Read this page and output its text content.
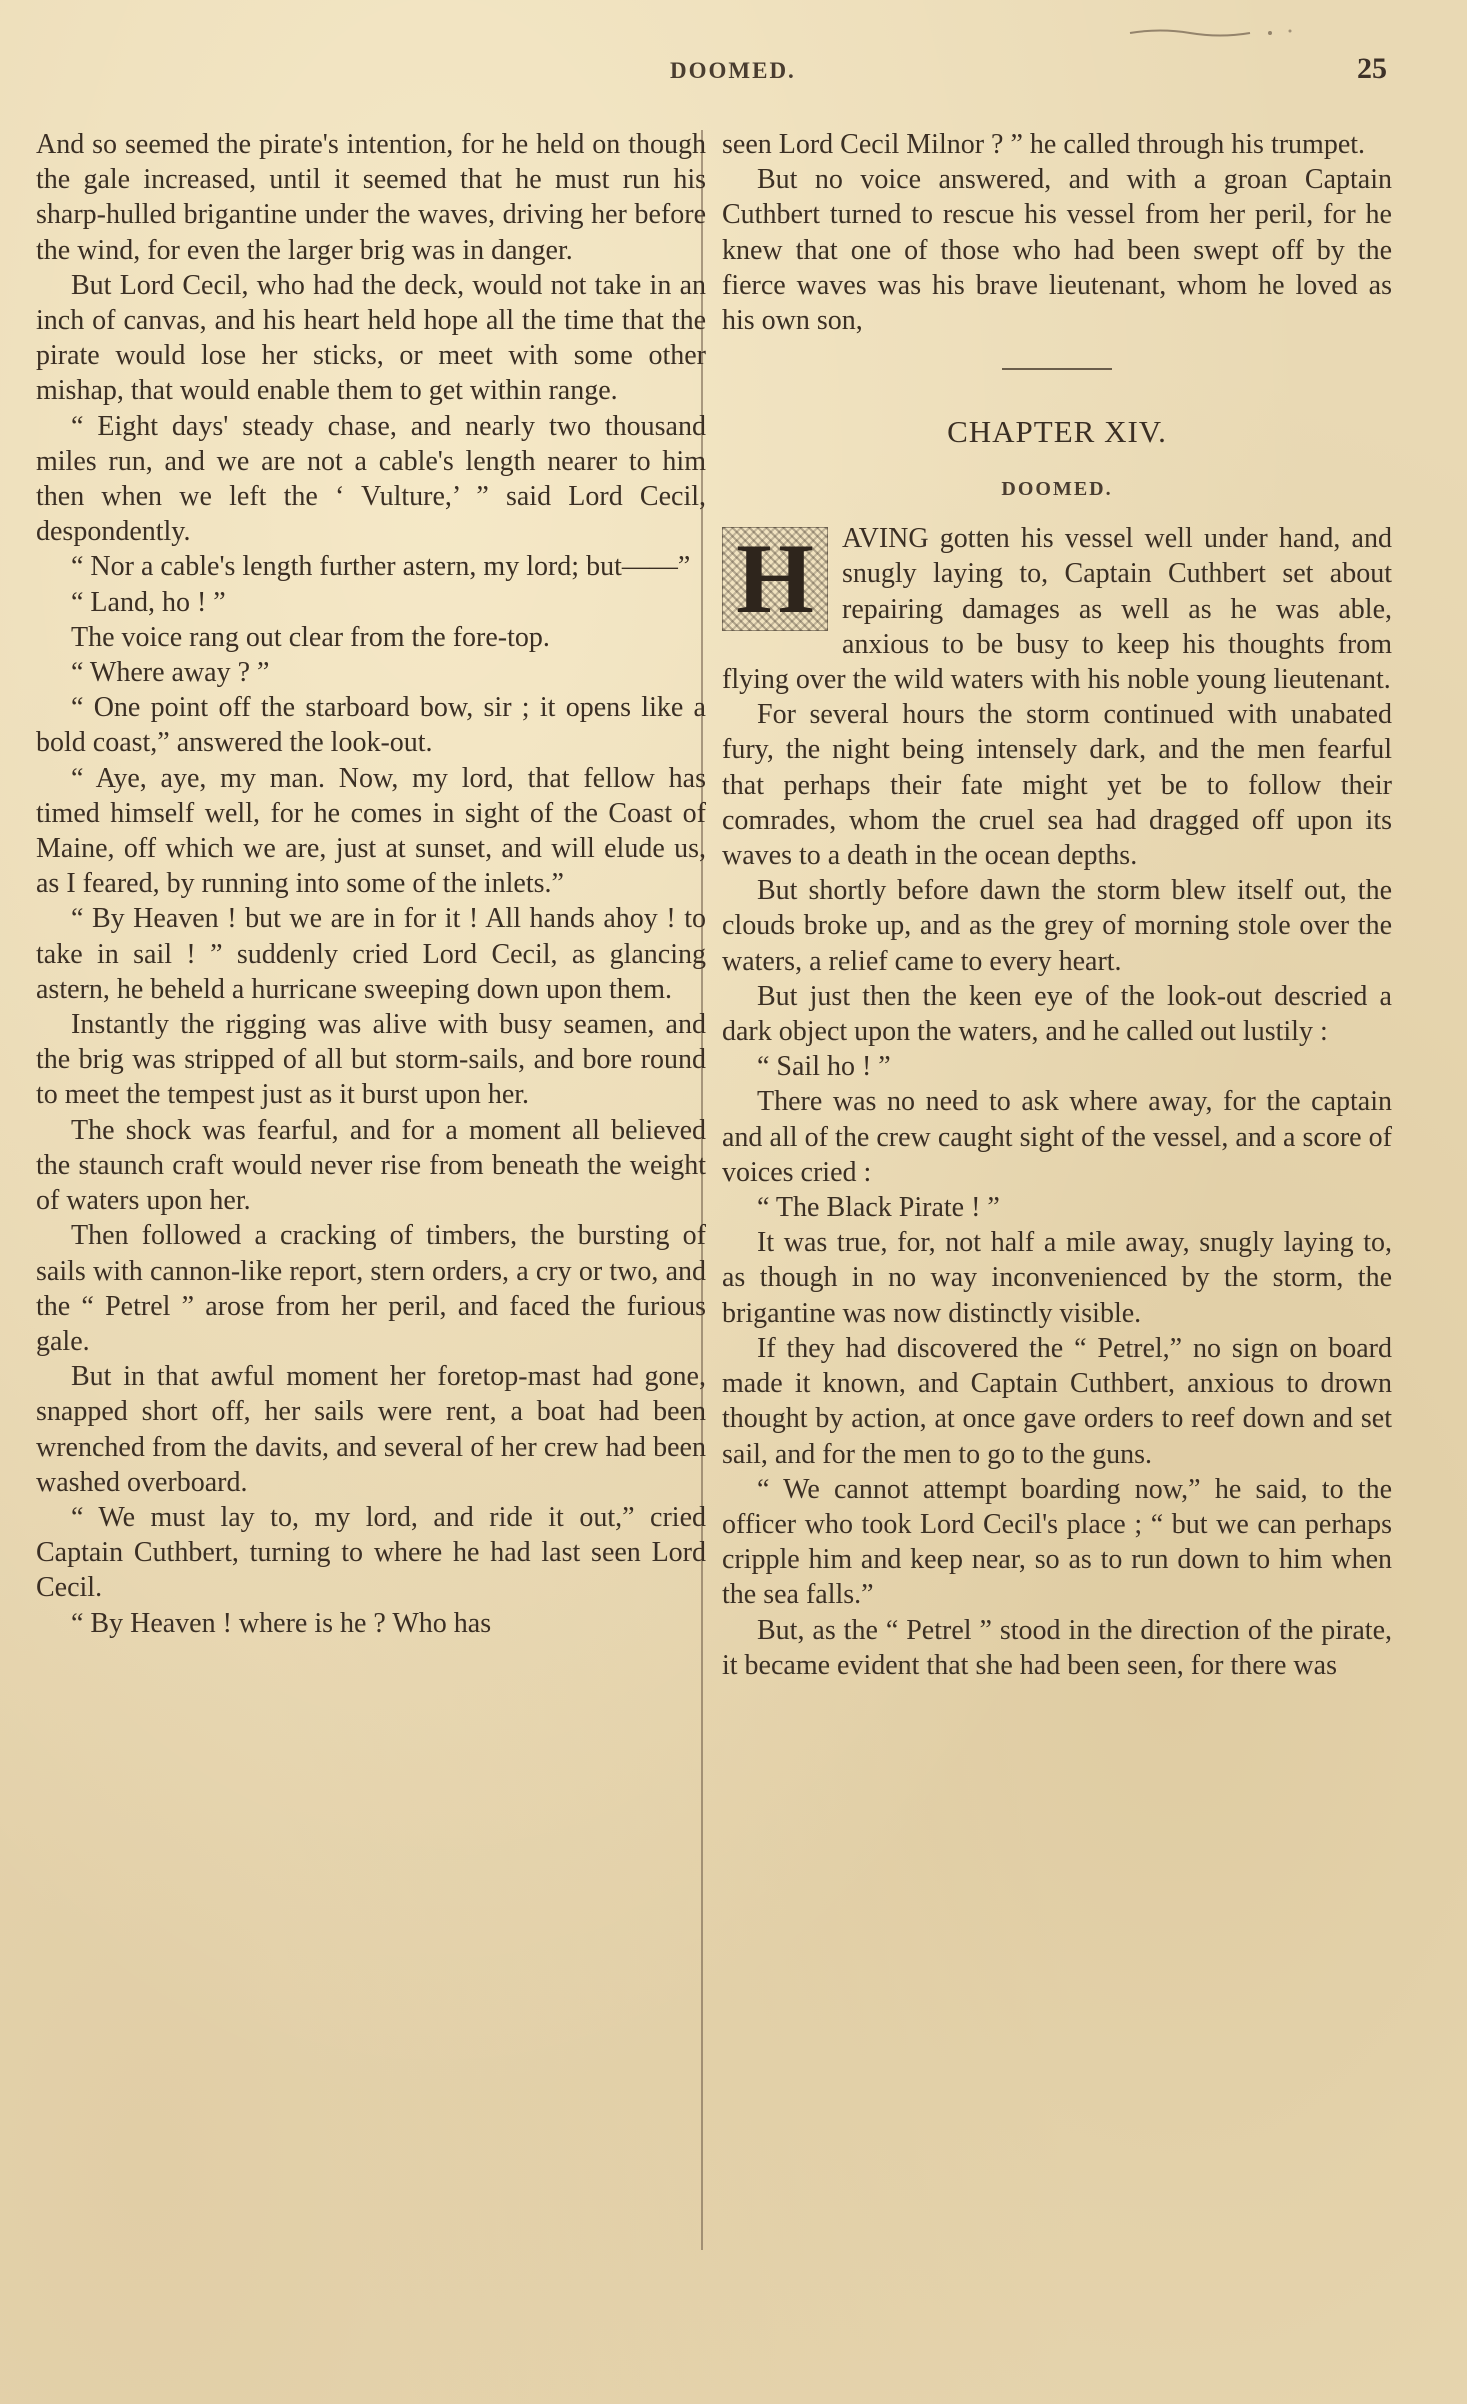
DOOMED.	25

And so seemed the pirate's intention, for he held on though the gale increased, until it seemed that he must run his sharp-hulled brigantine under the waves, driving her before the wind, for even the larger brig was in danger.

But Lord Cecil, who had the deck, would not take in an inch of canvas, and his heart held hope all the time that the pirate would lose her sticks, or meet with some other mishap, that would enable them to get within range.

“ Eight days' steady chase, and nearly two thousand miles run, and we are not a cable's length nearer to him then when we left the ‘ Vulture,’ ” said Lord Cecil, despondently.

“ Nor a cable's length further astern, my lord; but——”

“ Land, ho ! ”

The voice rang out clear from the fore-top.

“ Where away ? ”

“ One point off the starboard bow, sir ; it opens like a bold coast,” answered the look-out.

“ Aye, aye, my man. Now, my lord, that fellow has timed himself well, for he comes in sight of the Coast of Maine, off which we are, just at sunset, and will elude us, as I feared, by running into some of the inlets.”

“ By Heaven ! but we are in for it ! All hands ahoy ! to take in sail ! ” suddenly cried Lord Cecil, as glancing astern, he beheld a hurricane sweeping down upon them.

Instantly the rigging was alive with busy seamen, and the brig was stripped of all but storm-sails, and bore round to meet the tempest just as it burst upon her.

The shock was fearful, and for a moment all believed the staunch craft would never rise from beneath the weight of waters upon her.

Then followed a cracking of timbers, the bursting of sails with cannon-like report, stern orders, a cry or two, and the “ Petrel ” arose from her peril, and faced the furious gale.

But in that awful moment her foretop-mast had gone, snapped short off, her sails were rent, a boat had been wrenched from the davits, and several of her crew had been washed overboard.

“ We must lay to, my lord, and ride it out,” cried Captain Cuthbert, turning to where he had last seen Lord Cecil.

“ By Heaven ! where is he ? Who has

seen Lord Cecil Milnor ? ” he called through his trumpet.

But no voice answered, and with a groan Captain Cuthbert turned to rescue his vessel from her peril, for he knew that one of those who had been swept off by the fierce waves was his brave lieutenant, whom he loved as his own son,

CHAPTER XIV.
DOOMED.
H	AVING gotten his vessel well under hand, and snugly laying to, Captain Cuthbert set about repairing damages as well as he was able, anxious to be busy to keep his thoughts from flying over the wild waters with his noble young lieutenant.

For several hours the storm continued with unabated fury, the night being intensely dark, and the men fearful that perhaps their fate might yet be to follow their comrades, whom the cruel sea had dragged off upon its waves to a death in the ocean depths.

But shortly before dawn the storm blew itself out, the clouds broke up, and as the grey of morning stole over the waters, a relief came to every heart.

But just then the keen eye of the look-out descried a dark object upon the waters, and he called out lustily :

“ Sail ho ! ”

There was no need to ask where away, for the captain and all of the crew caught sight of the vessel, and a score of voices cried :

“ The Black Pirate ! ”

It was true, for, not half a mile away, snugly laying to, as though in no way inconvenienced by the storm, the brigantine was now distinctly visible.

If they had discovered the “ Petrel,” no sign on board made it known, and Captain Cuthbert, anxious to drown thought by action, at once gave orders to reef down and set sail, and for the men to go to the guns.

“ We cannot attempt boarding now,” he said, to the officer who took Lord Cecil's place ; “ but we can perhaps cripple him and keep near, so as to run down to him when the sea falls.”

But, as the “ Petrel ” stood in the direction of the pirate, it became evident that she had been seen, for there was
